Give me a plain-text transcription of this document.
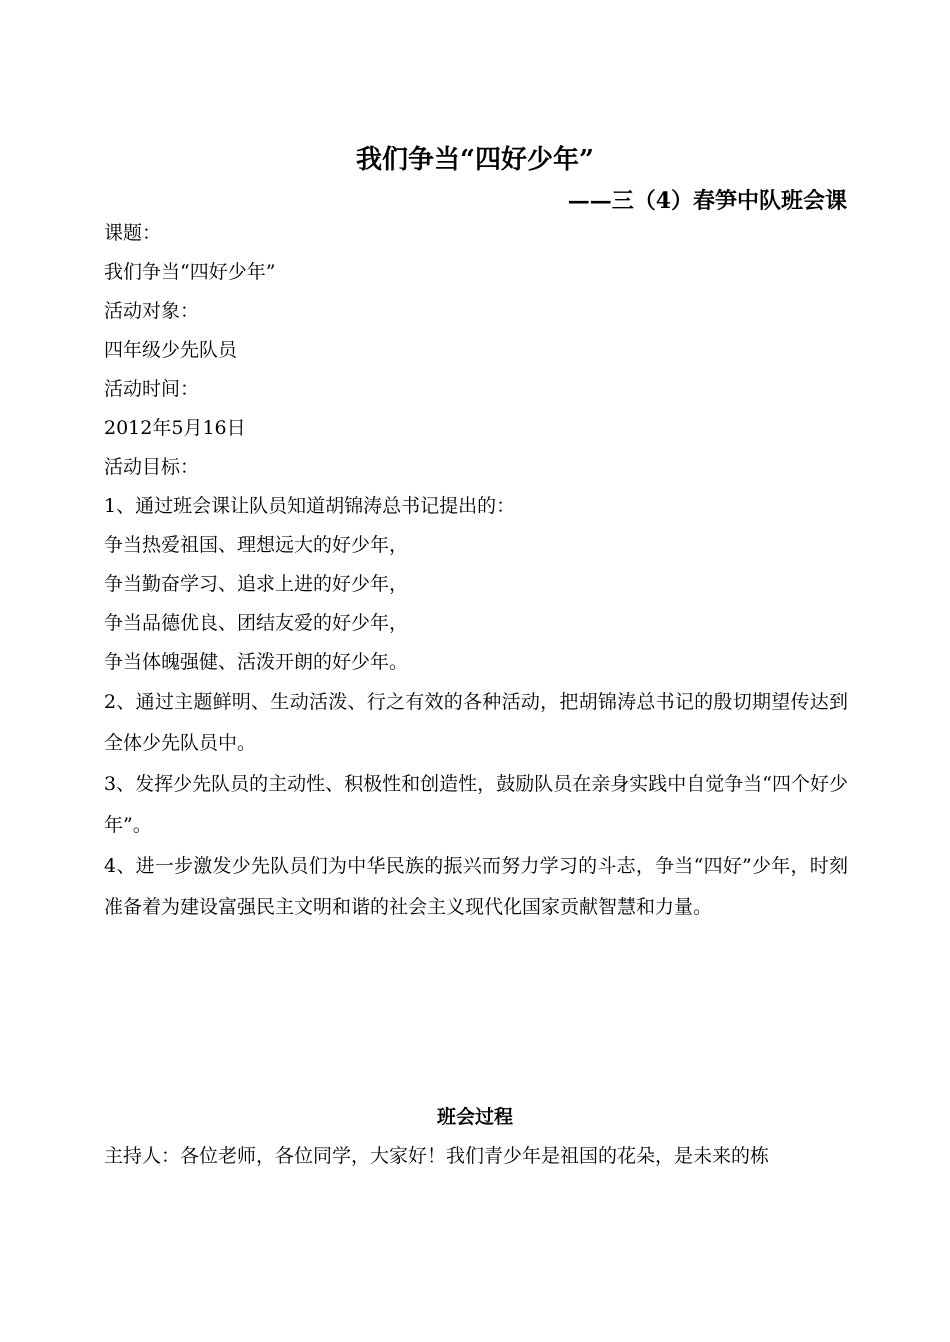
我们争当“四好少年”
——三（4）春笋中队班会课
课题：
我们争当“四好少年”
活动对象：
四年级少先队员
活动时间：
2012年5月16日
活动目标：
1、通过班会课让队员知道胡锦涛总书记提出的：
争当热爱祖国、理想远大的好少年，
争当勤奋学习、追求上进的好少年，
争当品德优良、团结友爱的好少年，
争当体魄强健、活泼开朗的好少年。
2、通过主题鲜明、生动活泼、行之有效的各种活动，把胡锦涛总书记的殷切期望传达到全体少先队员中。
3、发挥少先队员的主动性、积极性和创造性，鼓励队员在亲身实践中自觉争当“四个好少年”。
4、进一步激发少先队员们为中华民族的振兴而努力学习的斗志，争当“四好”少年，时刻准备着为建设富强民主文明和谐的社会主义现代化国家贡献智慧和力量。
班会过程
主持人：各位老师，各位同学，大家好！我们青少年是祖国的花朵，是未来的栋
